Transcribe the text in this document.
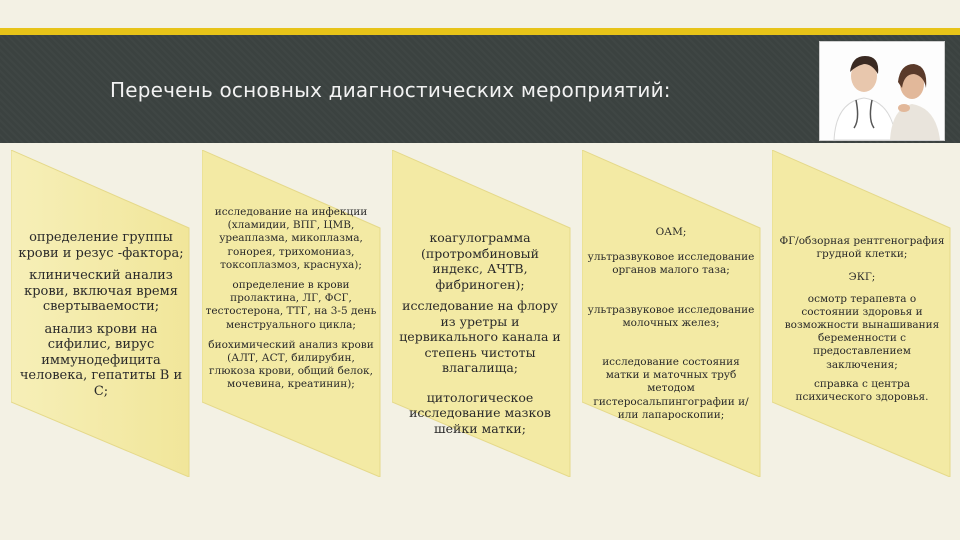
Перечень основных диагностических мероприятий:

определение группы крови и резус -фактора;

клинический анализ крови, включая время свертываемости;

анализ крови на сифилис, вирус иммунодефицита человека, гепатиты В и С;

исследование на инфекции (хламидии, ВПГ, ЦМВ, уреаплазма, микоплазма, гонорея, трихомониаз, токсоплазмоз, краснуха);

определение в крови пролактина, ЛГ, ФСГ, тестостерона, ТТГ, на 3-5 день менструального цикла;

биохимический анализ крови (АЛТ, АСТ, билирубин, глюкоза крови, общий белок, мочевина, креатинин);

коагулограмма (протромбиновый индекс, АЧТВ, фибриноген);

исследование на флору из уретры и цервикального канала и степень чистоты влагалища;

цитологическое исследование мазков шейки матки;

ОАМ;

ультразвуковое исследование органов малого таза;

ультразвуковое исследование молочных желез;

исследование состояния матки и маточных труб методом гистеросальпингографии и/или лапароскопии;

ФГ/обзорная рентгенография грудной клетки;

ЭКГ;

осмотр терапевта о состоянии здоровья и возможности вынашивания беременности с предоставлением заключения;

справка с центра психического здоровья.
